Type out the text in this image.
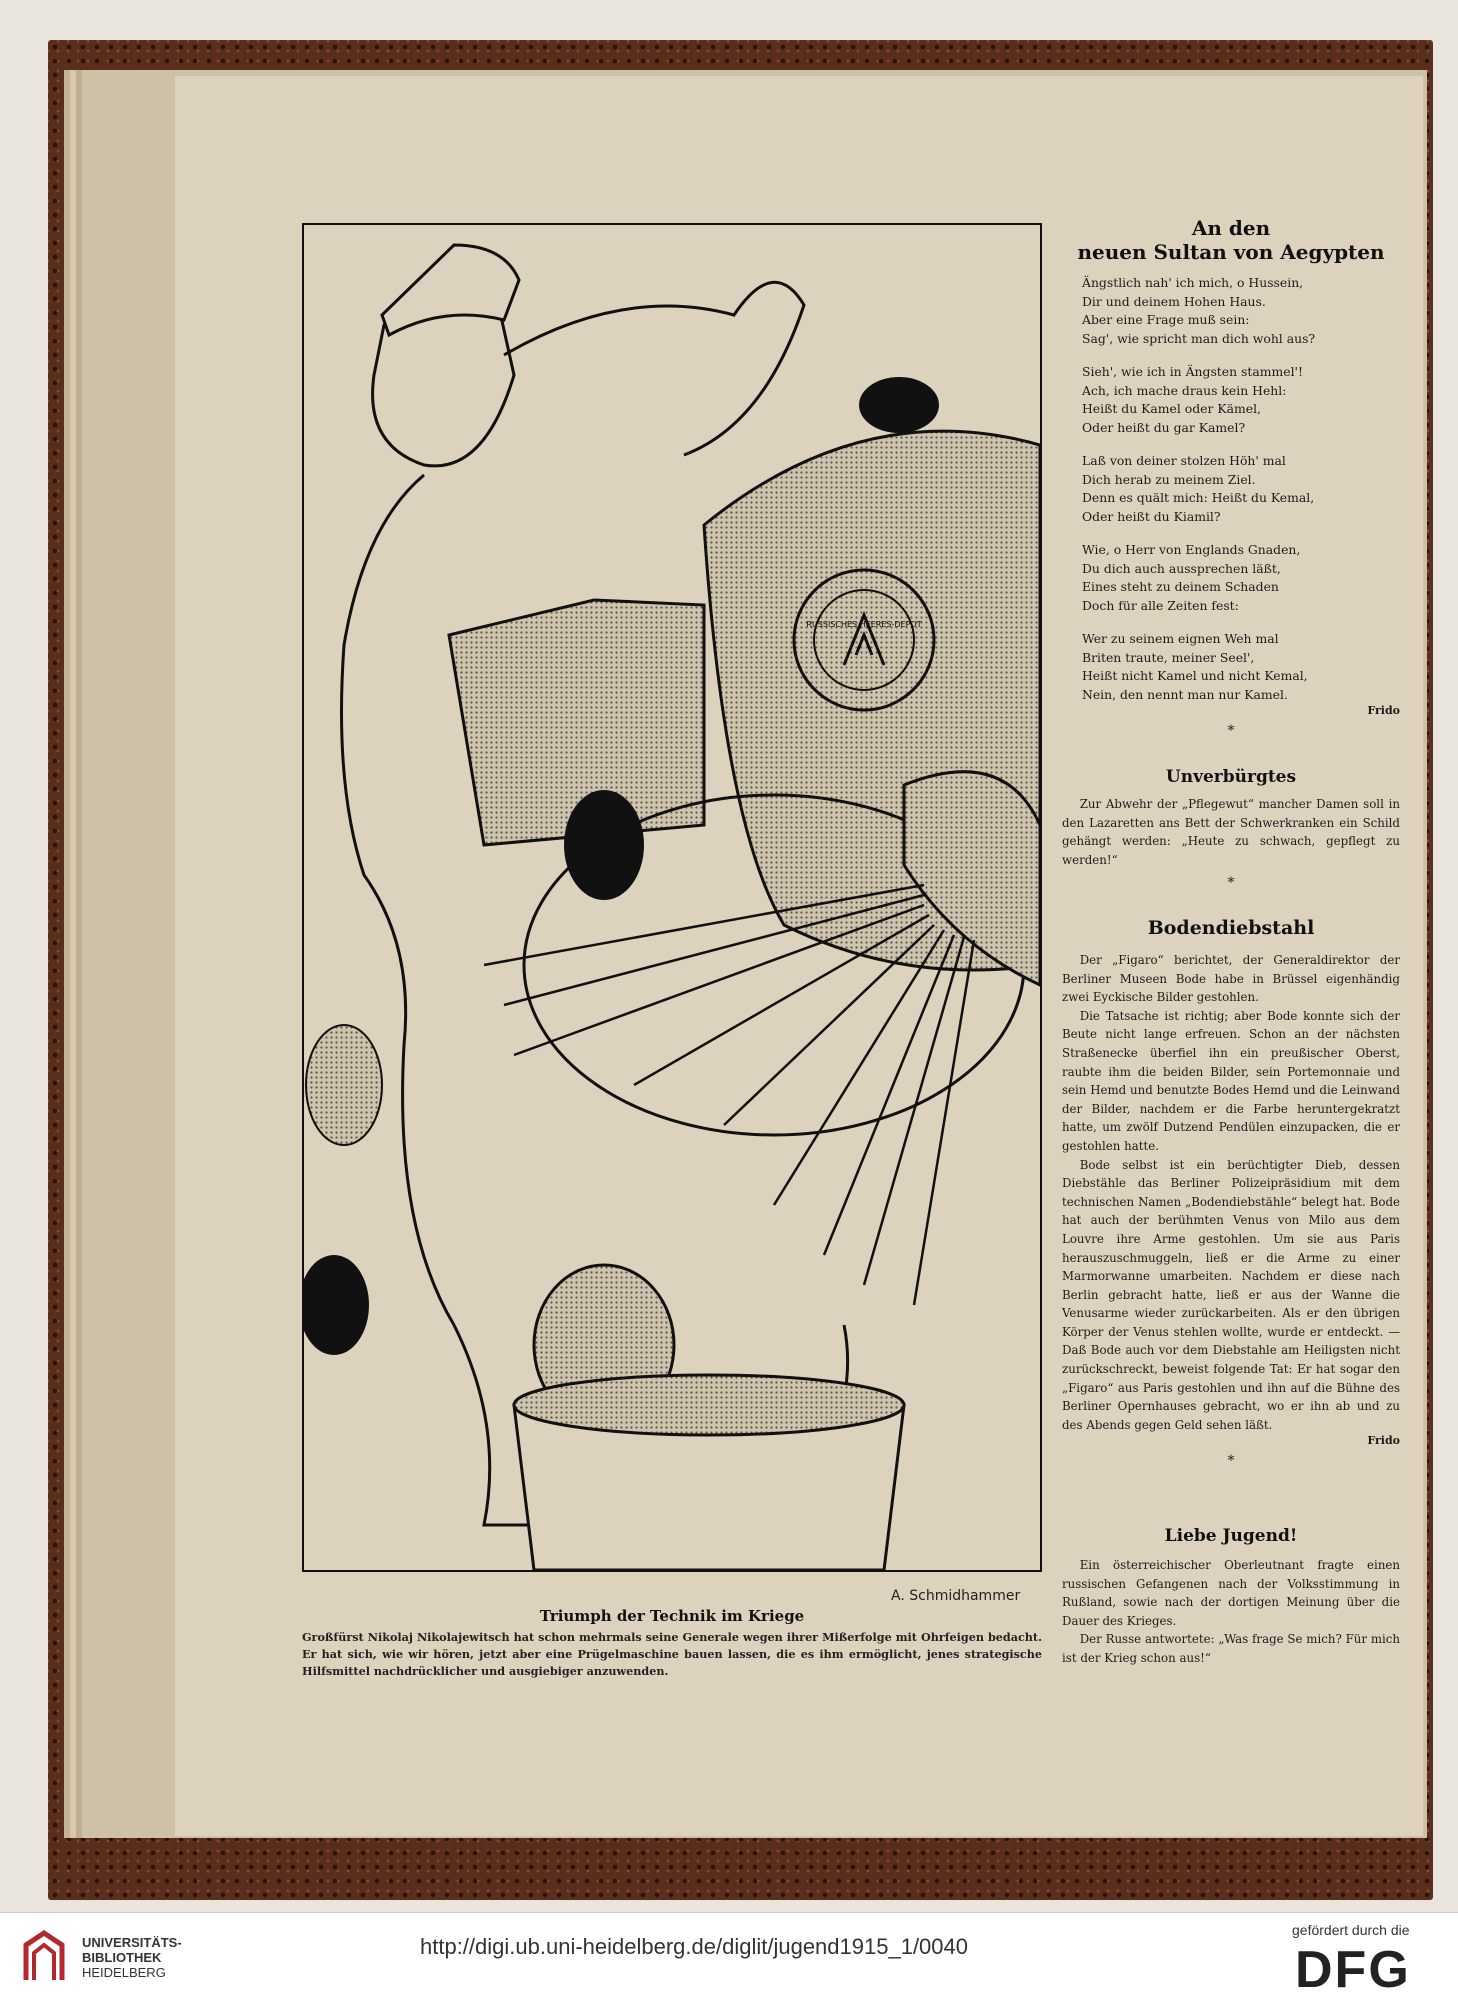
RUSSISCHES HEERES-DEPOT
A. Schmidhammer
Triumph der Technik im Kriege
Großfürst Nikolaj Nikolajewitsch hat schon mehrmals seine Generale wegen ihrer Mißerfolge mit Ohrfeigen bedacht. Er hat sich, wie wir hören, jetzt aber eine Prügelmaschine bauen lassen, die es ihm ermöglicht, jenes strategische Hilfsmittel nachdrücklicher und ausgiebiger anzuwenden.
An den
neuen Sultan von Aegypten
Ängstlich nah' ich mich, o Hussein,
Dir und deinem Hohen Haus.
Aber eine Frage muß sein:
Sag', wie spricht man dich wohl aus?
Sieh', wie ich in Ängsten stammel'!
Ach, ich mache draus kein Hehl:
Heißt du Kamel oder Kämel,
Oder heißt du gar Kamel?
Laß von deiner stolzen Höh' mal
Dich herab zu meinem Ziel.
Denn es quält mich: Heißt du Kemal,
Oder heißt du Kiamil?
Wie, o Herr von Englands Gnaden,
Du dich auch aussprechen läßt,
Eines steht zu deinem Schaden
Doch für alle Zeiten fest:
Wer zu seinem eignen Weh mal
Briten traute, meiner Seel',
Heißt nicht Kamel und nicht Kemal,
Nein, den nennt man nur Kamel.
Frido
*
Unverbürgtes
Zur Abwehr der „Pflegewut“ mancher Damen soll in den Lazaretten ans Bett der Schwerkranken ein Schild gehängt werden: „Heute zu schwach, gepflegt zu werden!“
*
Bodendiebstahl
Der „Figaro“ berichtet, der Generaldirektor der Berliner Museen Bode habe in Brüssel eigenhändig zwei Eyckische Bilder gestohlen.
Die Tatsache ist richtig; aber Bode konnte sich der Beute nicht lange erfreuen. Schon an der nächsten Straßenecke überfiel ihn ein preußischer Oberst, raubte ihm die beiden Bilder, sein Portemonnaie und sein Hemd und benutzte Bodes Hemd und die Leinwand der Bilder, nachdem er die Farbe heruntergekratzt hatte, um zwölf Dutzend Pendülen einzupacken, die er gestohlen hatte.
Bode selbst ist ein berüchtigter Dieb, dessen Diebstähle das Berliner Polizeipräsidium mit dem technischen Namen „Bodendiebstähle“ belegt hat. Bode hat auch der berühmten Venus von Milo aus dem Louvre ihre Arme gestohlen. Um sie aus Paris herauszuschmuggeln, ließ er die Arme zu einer Marmorwanne umarbeiten. Nachdem er diese nach Berlin gebracht hatte, ließ er aus der Wanne die Venusarme wieder zurückarbeiten. Als er den übrigen Körper der Venus stehlen wollte, wurde er entdeckt. — Daß Bode auch vor dem Diebstahle am Heiligsten nicht zurückschreckt, beweist folgende Tat: Er hat sogar den „Figaro“ aus Paris gestohlen und ihn auf die Bühne des Berliner Opernhauses gebracht, wo er ihn ab und zu des Abends gegen Geld sehen läßt.
Frido
*
Liebe Jugend!
Ein österreichischer Oberleutnant fragte einen russischen Gefangenen nach der Volksstimmung in Rußland, sowie nach der dortigen Meinung über die Dauer des Krieges.
Der Russe antwortete: „Was frage Se mich? Für mich ist der Krieg schon aus!“
UNIVERSITÄTS-
BIBLIOTHEK
HEIDELBERG
http://digi.ub.uni-heidelberg.de/diglit/jugend1915_1/0040
gefördert durch die
DFG
